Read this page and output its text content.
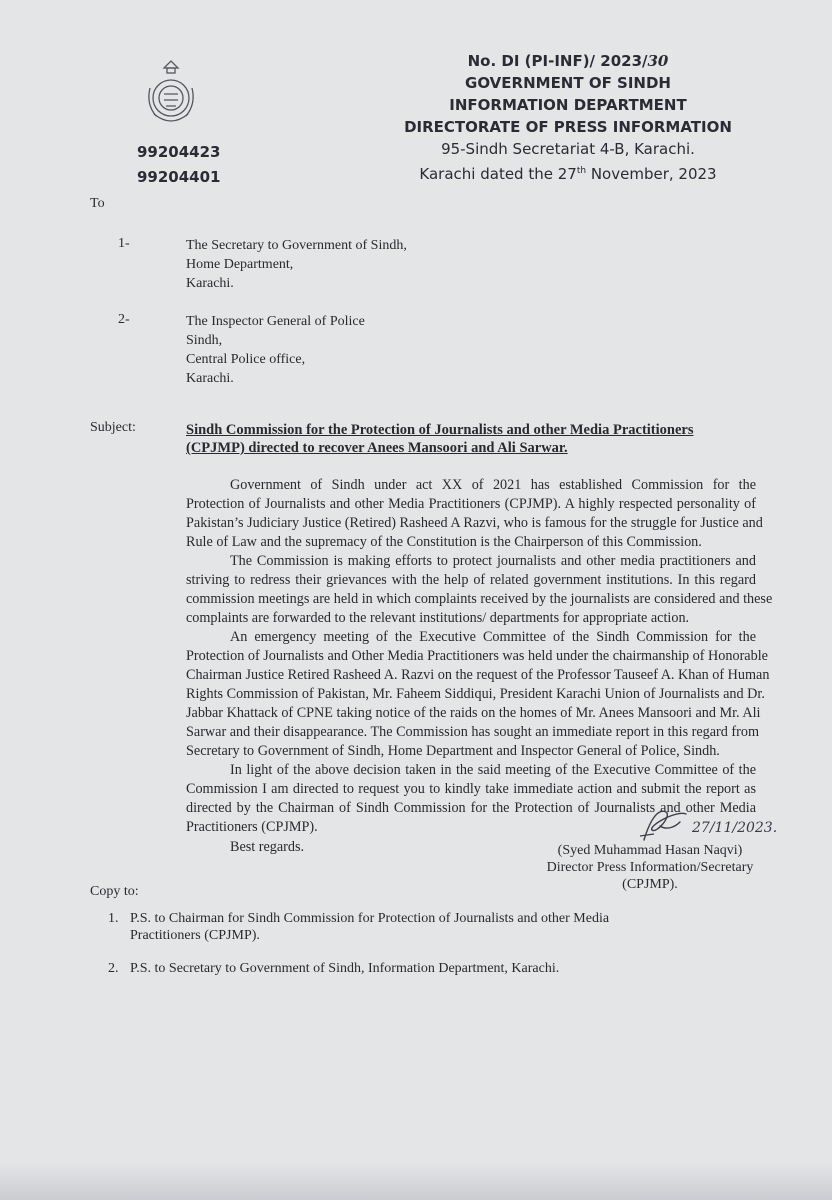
99204423
99204401
No. DI (PI-INF)/ 2023/30
GOVERNMENT OF SINDH
INFORMATION DEPARTMENT
DIRECTORATE OF PRESS INFORMATION
95-Sindh Secretariat 4-B, Karachi.
Karachi dated the 27th November, 2023
To
1-	The Secretary to Government of Sindh,
Home Department,
Karachi.
2-	The Inspector General of Police
Sindh,
Central Police office,
Karachi.
Subject:	Sindh Commission for the Protection of Journalists and other Media Practitioners
(CPJMP) directed to recover Anees Mansoori and Ali Sarwar.
Government of Sindh under act XX of 2021 has established Commission for the
Protection of Journalists and other Media Practitioners (CPJMP). A highly respected personality of
Pakistan’s Judiciary Justice (Retired) Rasheed A Razvi, who is famous for the struggle for Justice and
Rule of Law and the supremacy of the Constitution is the Chairperson of this Commission.
The Commission is making efforts to protect journalists and other media practitioners and
striving to redress their grievances with the help of related government institutions. In this regard
commission meetings are held in which complaints received by the journalists are considered and these
complaints are forwarded to the relevant institutions/ departments for appropriate action.
An emergency meeting of the Executive Committee of the Sindh Commission for the
Protection of Journalists and Other Media Practitioners was held under the chairmanship of Honorable
Chairman Justice Retired Rasheed A. Razvi on the request of the Professor Tauseef A. Khan of Human
Rights Commission of Pakistan, Mr. Faheem Siddiqui, President Karachi Union of Journalists and Dr.
Jabbar Khattack of CPNE taking notice of the raids on the homes of Mr. Anees Mansoori and Mr. Ali
Sarwar and their disappearance. The Commission has sought an immediate report in this regard from
Secretary to Government of Sindh, Home Department and Inspector General of Police, Sindh.
In light of the above decision taken in the said meeting of the Executive Committee of the
Commission I am directed to request you to kindly take immediate action and submit the report as
directed by the Chairman of Sindh Commission for the Protection of Journalists and other Media
Practitioners (CPJMP).
Best regards.
27/11/2023.
(Syed Muhammad Hasan Naqvi)
Director Press Information/Secretary
(CPJMP).
Copy to:
1. P.S. to Chairman for Sindh Commission for Protection of Journalists and other Media
Practitioners (CPJMP).
2. P.S. to Secretary to Government of Sindh, Information Department, Karachi.
